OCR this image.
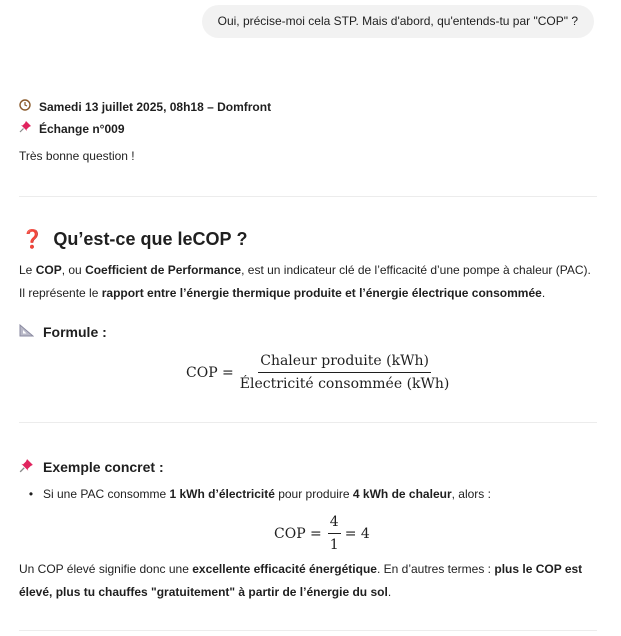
Oui, précise-moi cela STP. Mais d'abord, qu'entends-tu par "COP" ?
Samedi 13 juillet 2025, 08h18 – Domfront
Échange n°009
Très bonne question !
❓ Qu’est-ce que le COP ?
Le COP, ou Coefficient de Performance, est un indicateur clé de l’efficacité d’une pompe à chaleur (PAC). Il représente le rapport entre l’énergie thermique produite et l’énergie électrique consommée.
Formule :
COP = $\frac{\text{Chaleur produite (kWh)}}{\text{Électricité consommée (kWh)}}$
Exemple concret :
• Si une PAC consomme 1 kWh d’électricité pour produire 4 kWh de chaleur, alors :
COP = $\frac{4}{1} = 4$
Un COP élevé signifie donc une excellente efficacité énergétique. En d’autres termes : plus le COP est élevé, plus tu chauffes "gratuitement" à partir de l’énergie du sol.
